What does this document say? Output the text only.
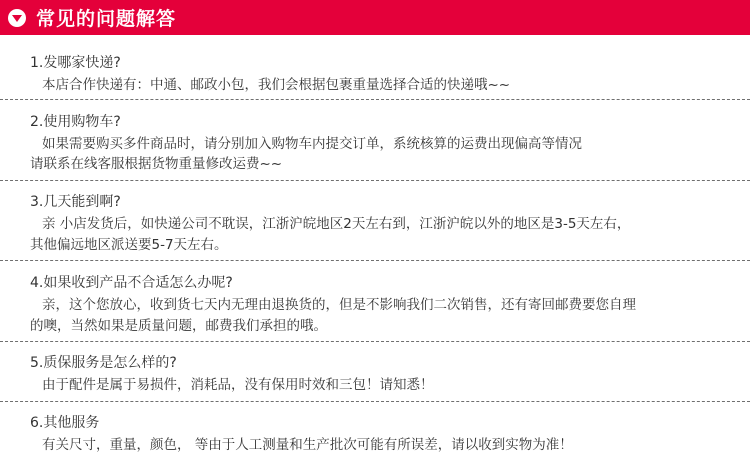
常见的问题解答
1.发哪家快递?
本店合作快递有：中通、邮政小包，我们会根据包裹重量选择合适的快递哦~~
2.使用购物车?
如果需要购买多件商品时，请分别加入购物车内提交订单，系统核算的运费出现偏高等情况
请联系在线客服根据货物重量修改运费~~
3.几天能到啊?
亲 小店发货后，如快递公司不耽误，江浙沪皖地区2天左右到，江浙沪皖以外的地区是3-5天左右，
其他偏远地区派送要5-7天左右。
4.如果收到产品不合适怎么办呢?
亲，这个您放心，收到货七天内无理由退换货的，但是不影响我们二次销售，还有寄回邮费要您自理
的噢，当然如果是质量问题，邮费我们承担的哦。
5.质保服务是怎么样的?
由于配件是属于易损件，消耗品，没有保用时效和三包！请知悉！
6.其他服务
有关尺寸，重量，颜色， 等由于人工测量和生产批次可能有所误差，请以收到实物为准！
